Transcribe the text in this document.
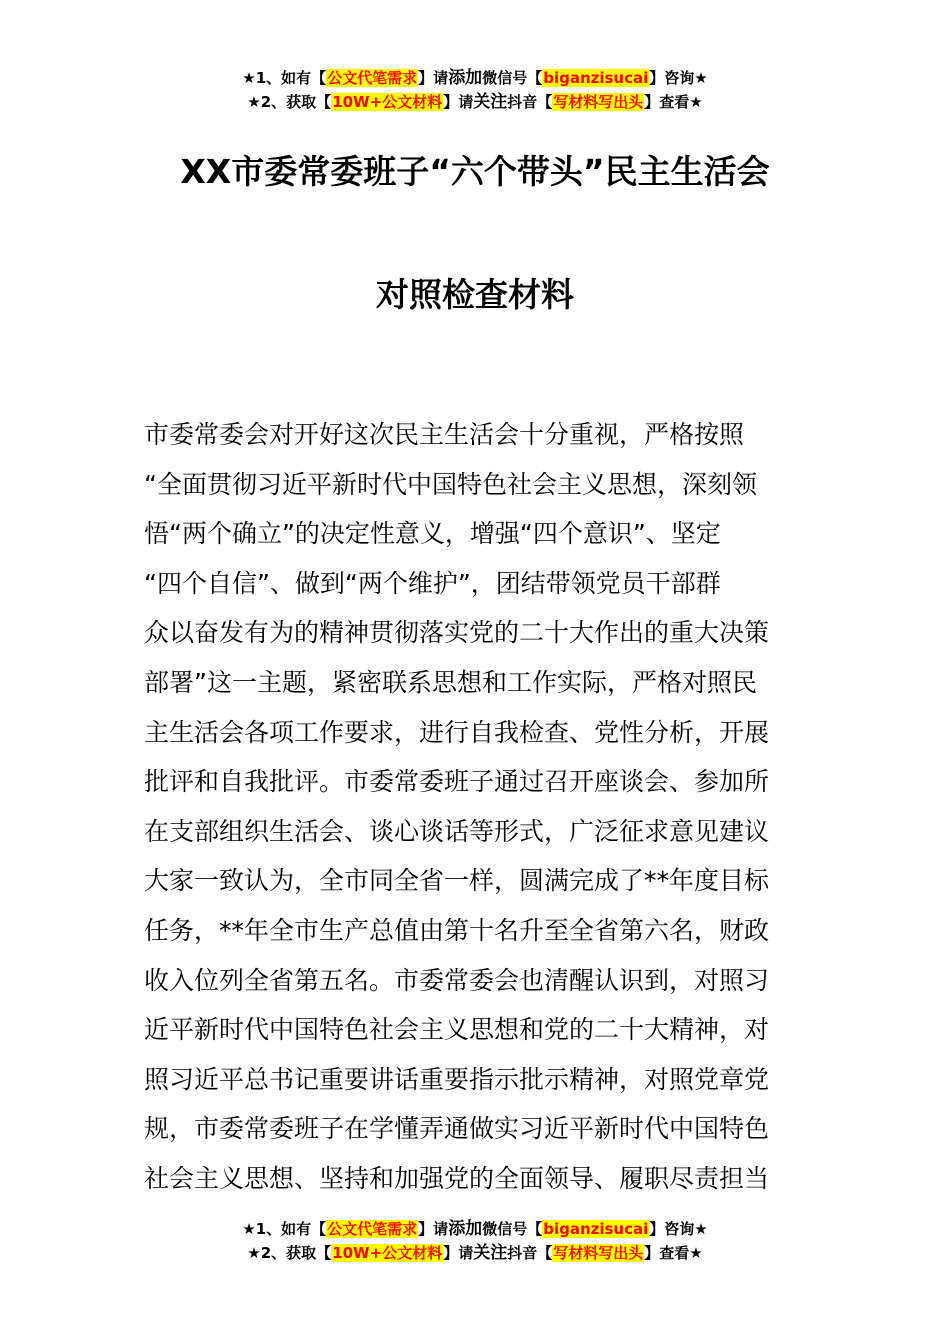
★1、如有【公文代笔需求】请添加微信号【biganzisucai】咨询★
★2、获取【10W+公文材料】请关注抖音【写材料写出头】查看★
XX市委常委班子“六个带头”民主生活会
对照检查材料
市委常委会对开好这次民主生活会十分重视，严格按照
“全面贯彻习近平新时代中国特色社会主义思想，深刻领
悟“两个确立”的决定性意义，增强“四个意识”、坚定
“四个自信”、做到“两个维护”，团结带领党员干部群
众以奋发有为的精神贯彻落实党的二十大作出的重大决策
部署”这一主题，紧密联系思想和工作实际，严格对照民
主生活会各项工作要求，进行自我检查、党性分析，开展
批评和自我批评。市委常委班子通过召开座谈会、参加所
在支部组织生活会、谈心谈话等形式，广泛征求意见建议
大家一致认为，全市同全省一样，圆满完成了**年度目标
任务，**年全市生产总值由第十名升至全省第六名，财政
收入位列全省第五名。市委常委会也清醒认识到，对照习
近平新时代中国特色社会主义思想和党的二十大精神，对
照习近平总书记重要讲话重要指示批示精神，对照党章党
规，市委常委班子在学懂弄通做实习近平新时代中国特色
社会主义思想、坚持和加强党的全面领导、履职尽责担当
★1、如有【公文代笔需求】请添加微信号【biganzisucai】咨询★
★2、获取【10W+公文材料】请关注抖音【写材料写出头】查看★
